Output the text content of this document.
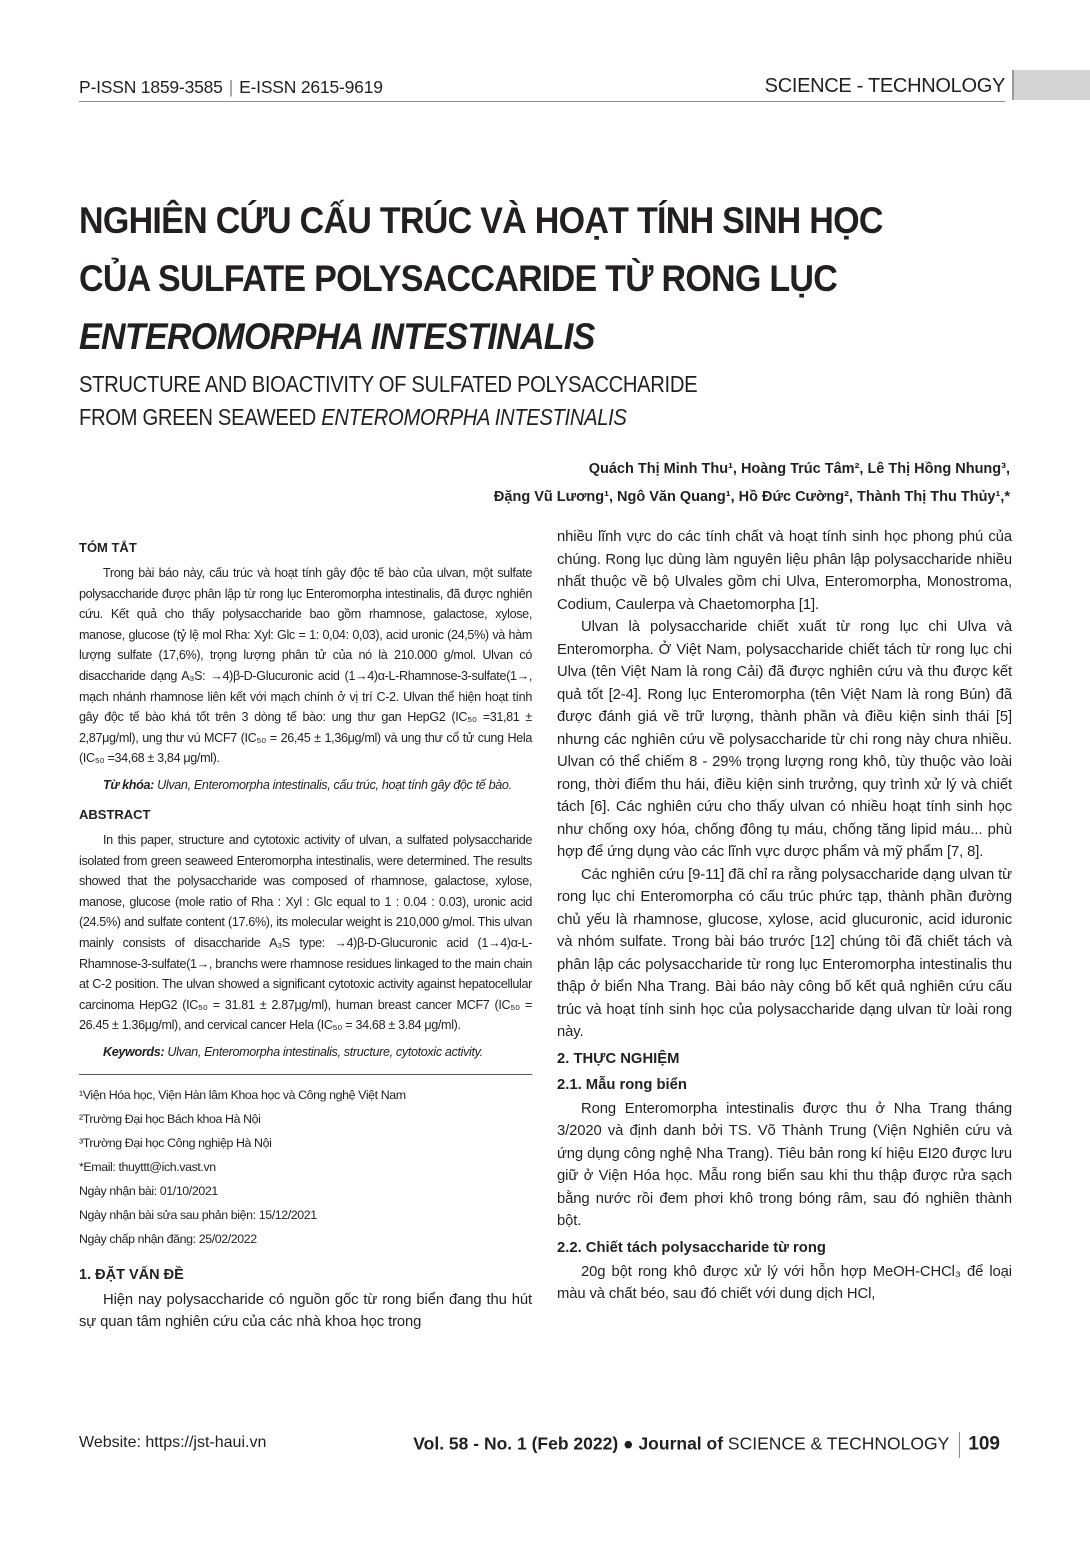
P-ISSN 1859-3585 | E-ISSN 2615-9619	SCIENCE - TECHNOLOGY
NGHIÊN CỨU CẤU TRÚC VÀ HOẠT TÍNH SINH HỌC
CỦA SULFATE POLYSACCARIDE TỪ RONG LỤC
ENTEROMORPHA INTESTINALIS
STRUCTURE AND BIOACTIVITY OF SULFATED POLYSACCHARIDE
FROM GREEN SEAWEED ENTEROMORPHA INTESTINALIS
Quách Thị Minh Thu¹, Hoàng Trúc Tâm², Lê Thị Hồng Nhung³,
Đặng Vũ Lương¹, Ngô Văn Quang¹, Hồ Đức Cường², Thành Thị Thu Thủy¹,*
TÓM TẮT

Trong bài báo này, cấu trúc và hoạt tính gây độc tế bào của ulvan, một sulfate polysaccharide được phân lập từ rong lục Enteromorpha intestinalis, đã được nghiên cứu. Kết quả cho thấy polysaccharide bao gồm rhamnose, galactose, xylose, manose, glucose (tỷ lệ mol Rha: Xyl: Glc = 1: 0,04: 0,03), acid uronic (24,5%) và hàm lượng sulfate (17,6%), trọng lượng phân tử của nó là 210.000 g/mol. Ulvan có disaccharide dạng A₃S: →4)β-D-Glucuronic acid (1→4)α-L-Rhamnose-3-sulfate(1→, mạch nhánh rhamnose liên kết với mạch chính ở vị trí C-2. Ulvan thể hiện hoạt tính gây độc tế bào khá tốt trên 3 dòng tế bào: ung thư gan HepG2 (IC₅₀ =31,81 ± 2,87μg/ml), ung thư vú MCF7 (IC₅₀ = 26,45 ± 1,36μg/ml) và ung thư cổ tử cung Hela (IC₅₀ =34,68 ± 3,84 μg/ml).

Từ khóa: Ulvan, Enteromorpha intestinalis, cấu trúc, hoạt tính gây độc tế bào.
ABSTRACT

In this paper, structure and cytotoxic activity of ulvan, a sulfated polysaccharide isolated from green seaweed Enteromorpha intestinalis, were determined. The results showed that the polysaccharide was composed of rhamnose, galactose, xylose, manose, glucose (mole ratio of Rha : Xyl : Glc equal to 1 : 0.04 : 0.03), uronic acid (24.5%) and sulfate content (17.6%), its molecular weight is 210,000 g/mol. This ulvan mainly consists of disaccharide A₃S type: →4)β-D-Glucuronic acid (1→4)α-L-Rhamnose-3-sulfate(1→, branchs were rhamnose residues linkaged to the main chain at C-2 position. The ulvan showed a significant cytotoxic activity against hepatocellular carcinoma HepG2 (IC₅₀ = 31.81 ± 2.87μg/ml), human breast cancer MCF7 (IC₅₀ = 26.45 ± 1.36μg/ml), and cervical cancer Hela (IC₅₀ = 34.68 ± 3.84 μg/ml).

Keywords: Ulvan, Enteromorpha intestinalis, structure, cytotoxic activity.

¹Viện Hóa học, Viện Hàn lâm Khoa học và Công nghệ Việt Nam

²Trường Đại học Bách khoa Hà Nội

³Trường Đại học Công nghiệp Hà Nội

*Email: thuyttt@ich.vast.vn

Ngày nhận bài: 01/10/2021

Ngày nhận bài sửa sau phản biện: 15/12/2021

Ngày chấp nhận đăng: 25/02/2022

1. ĐẶT VẤN ĐỀ

Hiện nay polysaccharide có nguồn gốc từ rong biển đang thu hút sự quan tâm nghiên cứu của các nhà khoa học trong

nhiều lĩnh vực do các tính chất và hoạt tính sinh học phong phú của chúng. Rong lục dùng làm nguyên liệu phân lập polysaccharide nhiều nhất thuộc về bộ Ulvales gồm chi Ulva, Enteromorpha, Monostroma, Codium, Caulerpa và Chaetomorpha [1].

Ulvan là polysaccharide chiết xuất từ rong lục chi Ulva và Enteromorpha. Ở Việt Nam, polysaccharide chiết tách từ rong lục chi Ulva (tên Việt Nam là rong Cải) đã được nghiên cứu và thu được kết quả tốt [2-4]. Rong lục Enteromorpha (tên Việt Nam là rong Bún) đã được đánh giá về trữ lượng, thành phần và điều kiện sinh thái [5] nhưng các nghiên cứu về polysaccharide từ chi rong này chưa nhiều. Ulvan có thể chiếm 8 - 29% trọng lượng rong khô, tùy thuộc vào loài rong, thời điểm thu hái, điều kiện sinh trưởng, quy trình xử lý và chiết tách [6]. Các nghiên cứu cho thấy ulvan có nhiều hoạt tính sinh học như chống oxy hóa, chống đông tụ máu, chống tăng lipid máu... phù hợp để ứng dụng vào các lĩnh vực dược phẩm và mỹ phẩm [7, 8].

Các nghiên cứu [9-11] đã chỉ ra rằng polysaccharide dạng ulvan từ rong lục chi Enteromorpha có cấu trúc phức tạp, thành phần đường chủ yếu là rhamnose, glucose, xylose, acid glucuronic, acid iduronic và nhóm sulfate. Trong bài báo trước [12] chúng tôi đã chiết tách và phân lập các polysaccharide từ rong lục Enteromorpha intestinalis thu thập ở biển Nha Trang. Bài báo này công bố kết quả nghiên cứu cấu trúc và hoạt tính sinh học của polysaccharide dạng ulvan từ loài rong này.

2. THỰC NGHIỆM
2.1. Mẫu rong biển

Rong Enteromorpha intestinalis được thu ở Nha Trang tháng 3/2020 và định danh bởi TS. Võ Thành Trung (Viện Nghiên cứu và ứng dụng công nghệ Nha Trang). Tiêu bản rong kí hiệu EI20 được lưu giữ ở Viện Hóa học. Mẫu rong biển sau khi thu thập được rửa sạch bằng nước rồi đem phơi khô trong bóng râm, sau đó nghiền thành bột.

2.2. Chiết tách polysaccharide từ rong

20g bột rong khô được xử lý với hỗn hợp MeOH-CHCl₃ để loại màu và chất béo, sau đó chiết với dung dịch HCl,

Website: https://jst-haui.vn	Vol. 58 - No. 1 (Feb 2022) ● Journal of SCIENCE & TECHNOLOGY 109
